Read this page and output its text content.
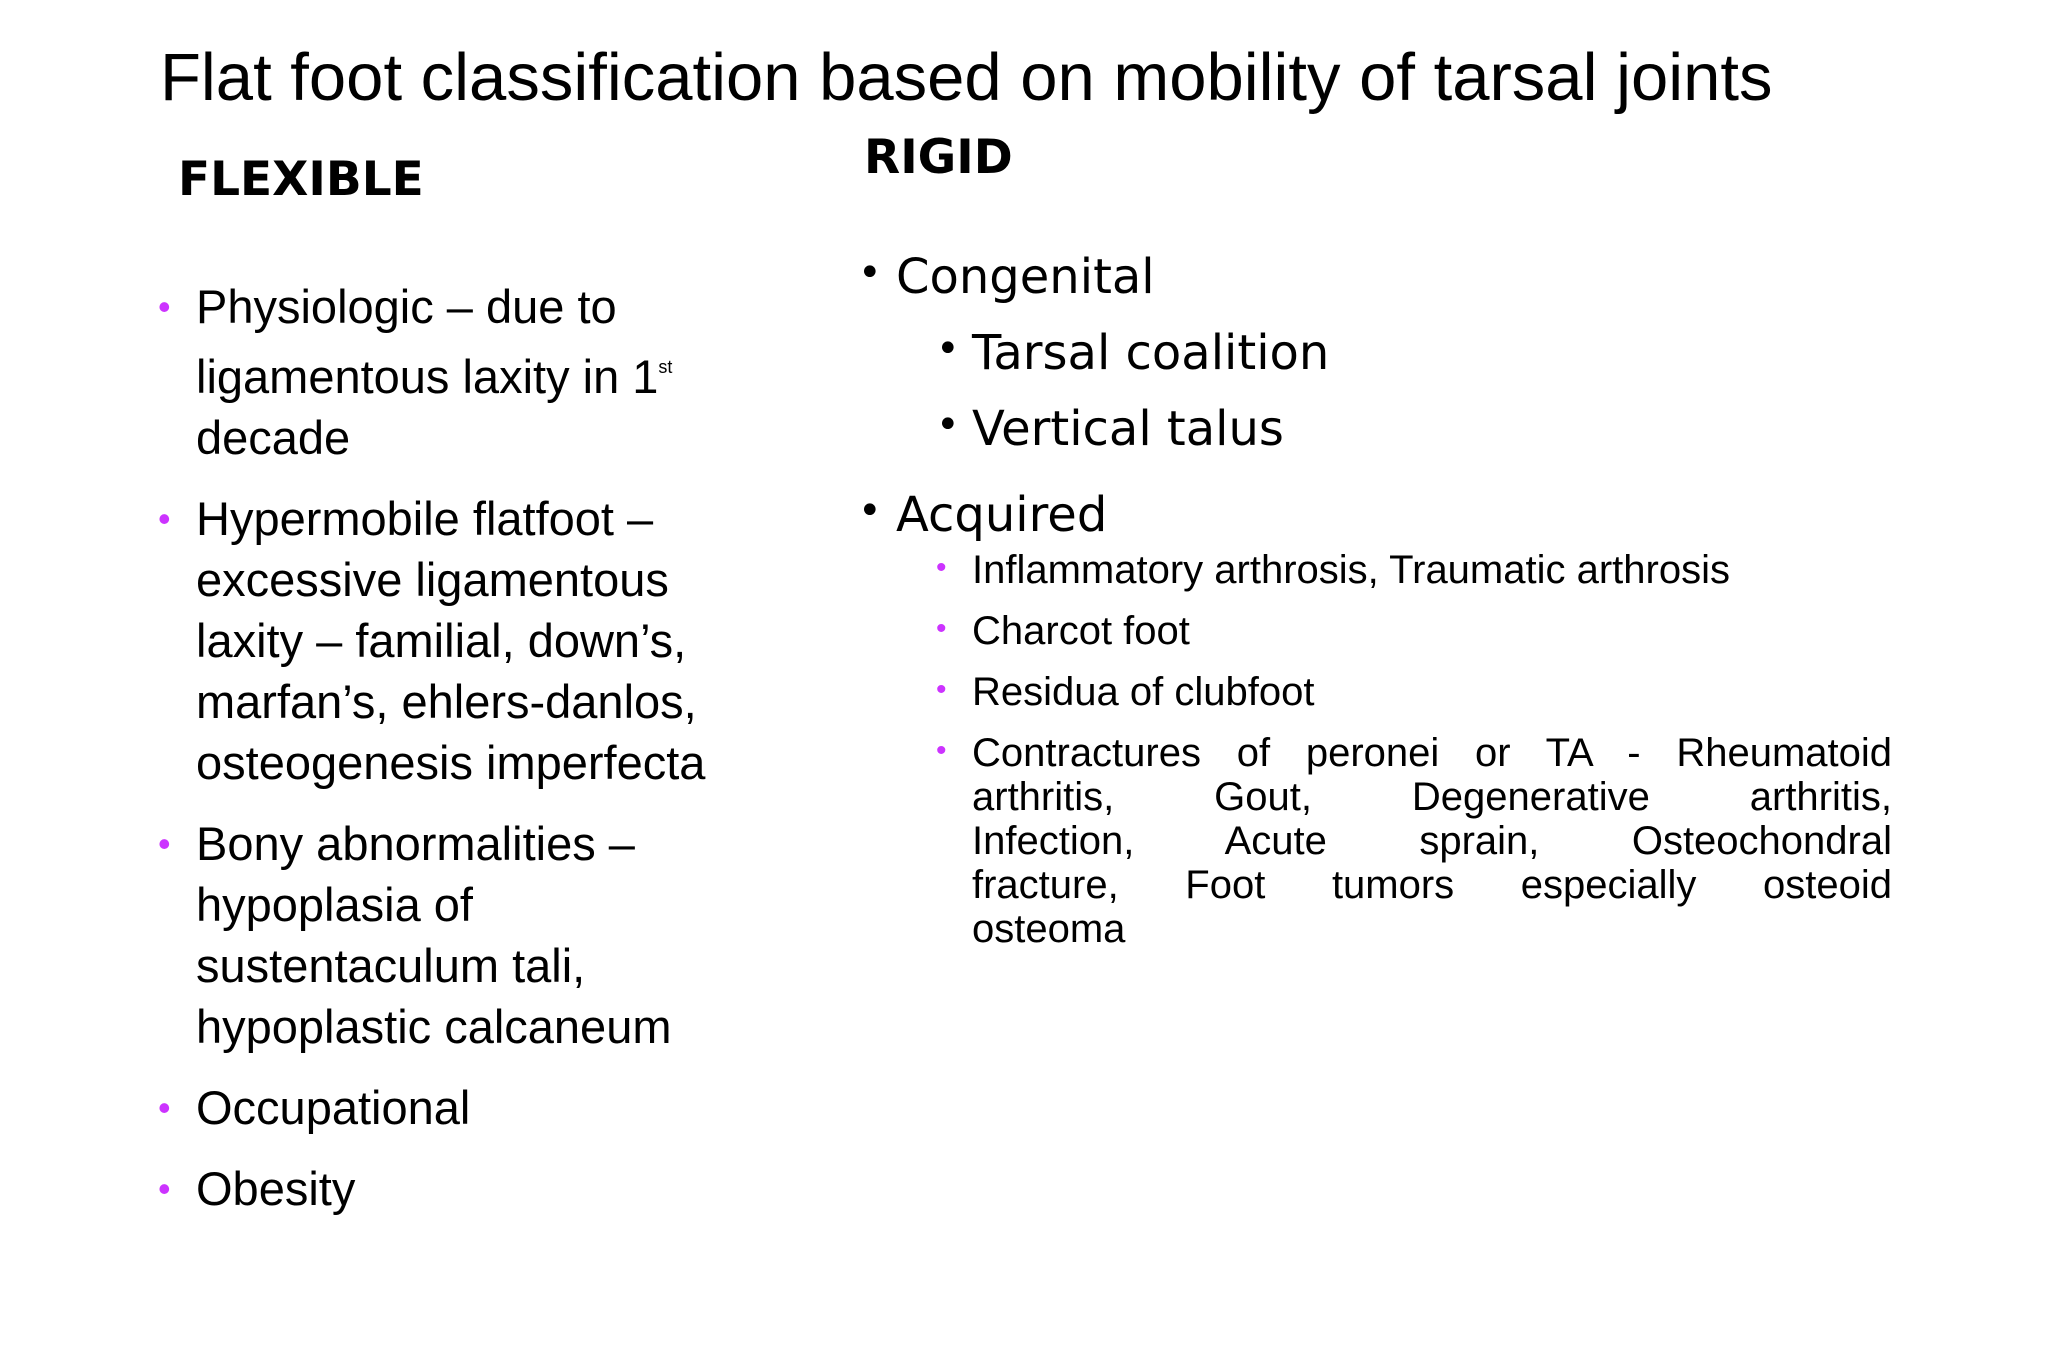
Flat foot classification based on mobility of tarsal joints
FLEXIBLE	RIGID
• Physiologic – due to
ligamentous laxity in 1st
decade
• Hypermobile flatfoot –
excessive ligamentous
laxity – familial, down’s,
marfan’s, ehlers-danlos,
osteogenesis imperfecta
• Bony abnormalities –
hypoplasia of
sustentaculum tali,
hypoplastic calcaneum
• Occupational
• Obesity
• Congenital
• Tarsal coalition
• Vertical talus
• Acquired
• Inflammatory arthrosis, Traumatic arthrosis
• Charcot foot
• Residua of clubfoot
• Contractures of peronei or TA - Rheumatoid
arthritis, Gout, Degenerative arthritis,
Infection, Acute sprain, Osteochondral
fracture, Foot tumors especially osteoid
osteoma
